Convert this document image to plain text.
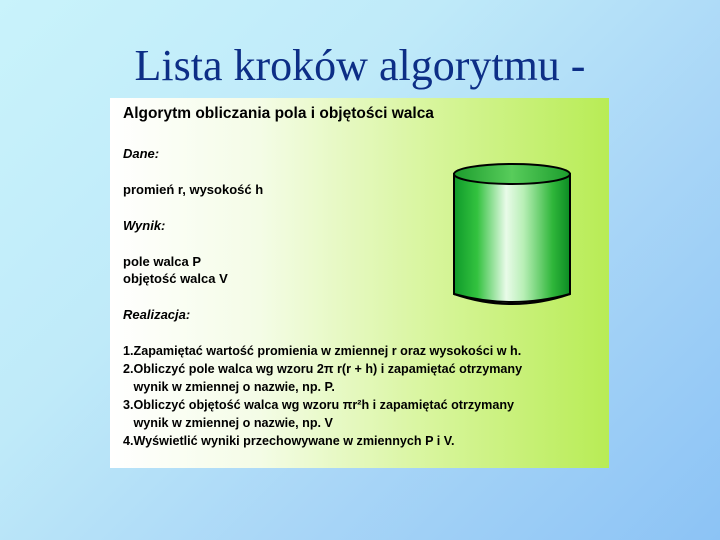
Lista kroków algorytmu -
Algorytm obliczania pola i objętości walca
Dane:
promień r, wysokość h
Wynik:
pole walca P
objętość walca V
Realizacja:
1.Zapamiętać wartość promienia w zmiennej r oraz wysokości w h.
2.Obliczyć pole walca wg wzoru 2π r(r + h) i zapamiętać otrzymany
wynik w zmiennej o nazwie, np. P.
3.Obliczyć objętość walca wg wzoru πr²h i zapamiętać otrzymany
wynik w zmiennej o nazwie, np. V
4.Wyświetlić wyniki przechowywane w zmiennych P i V.
